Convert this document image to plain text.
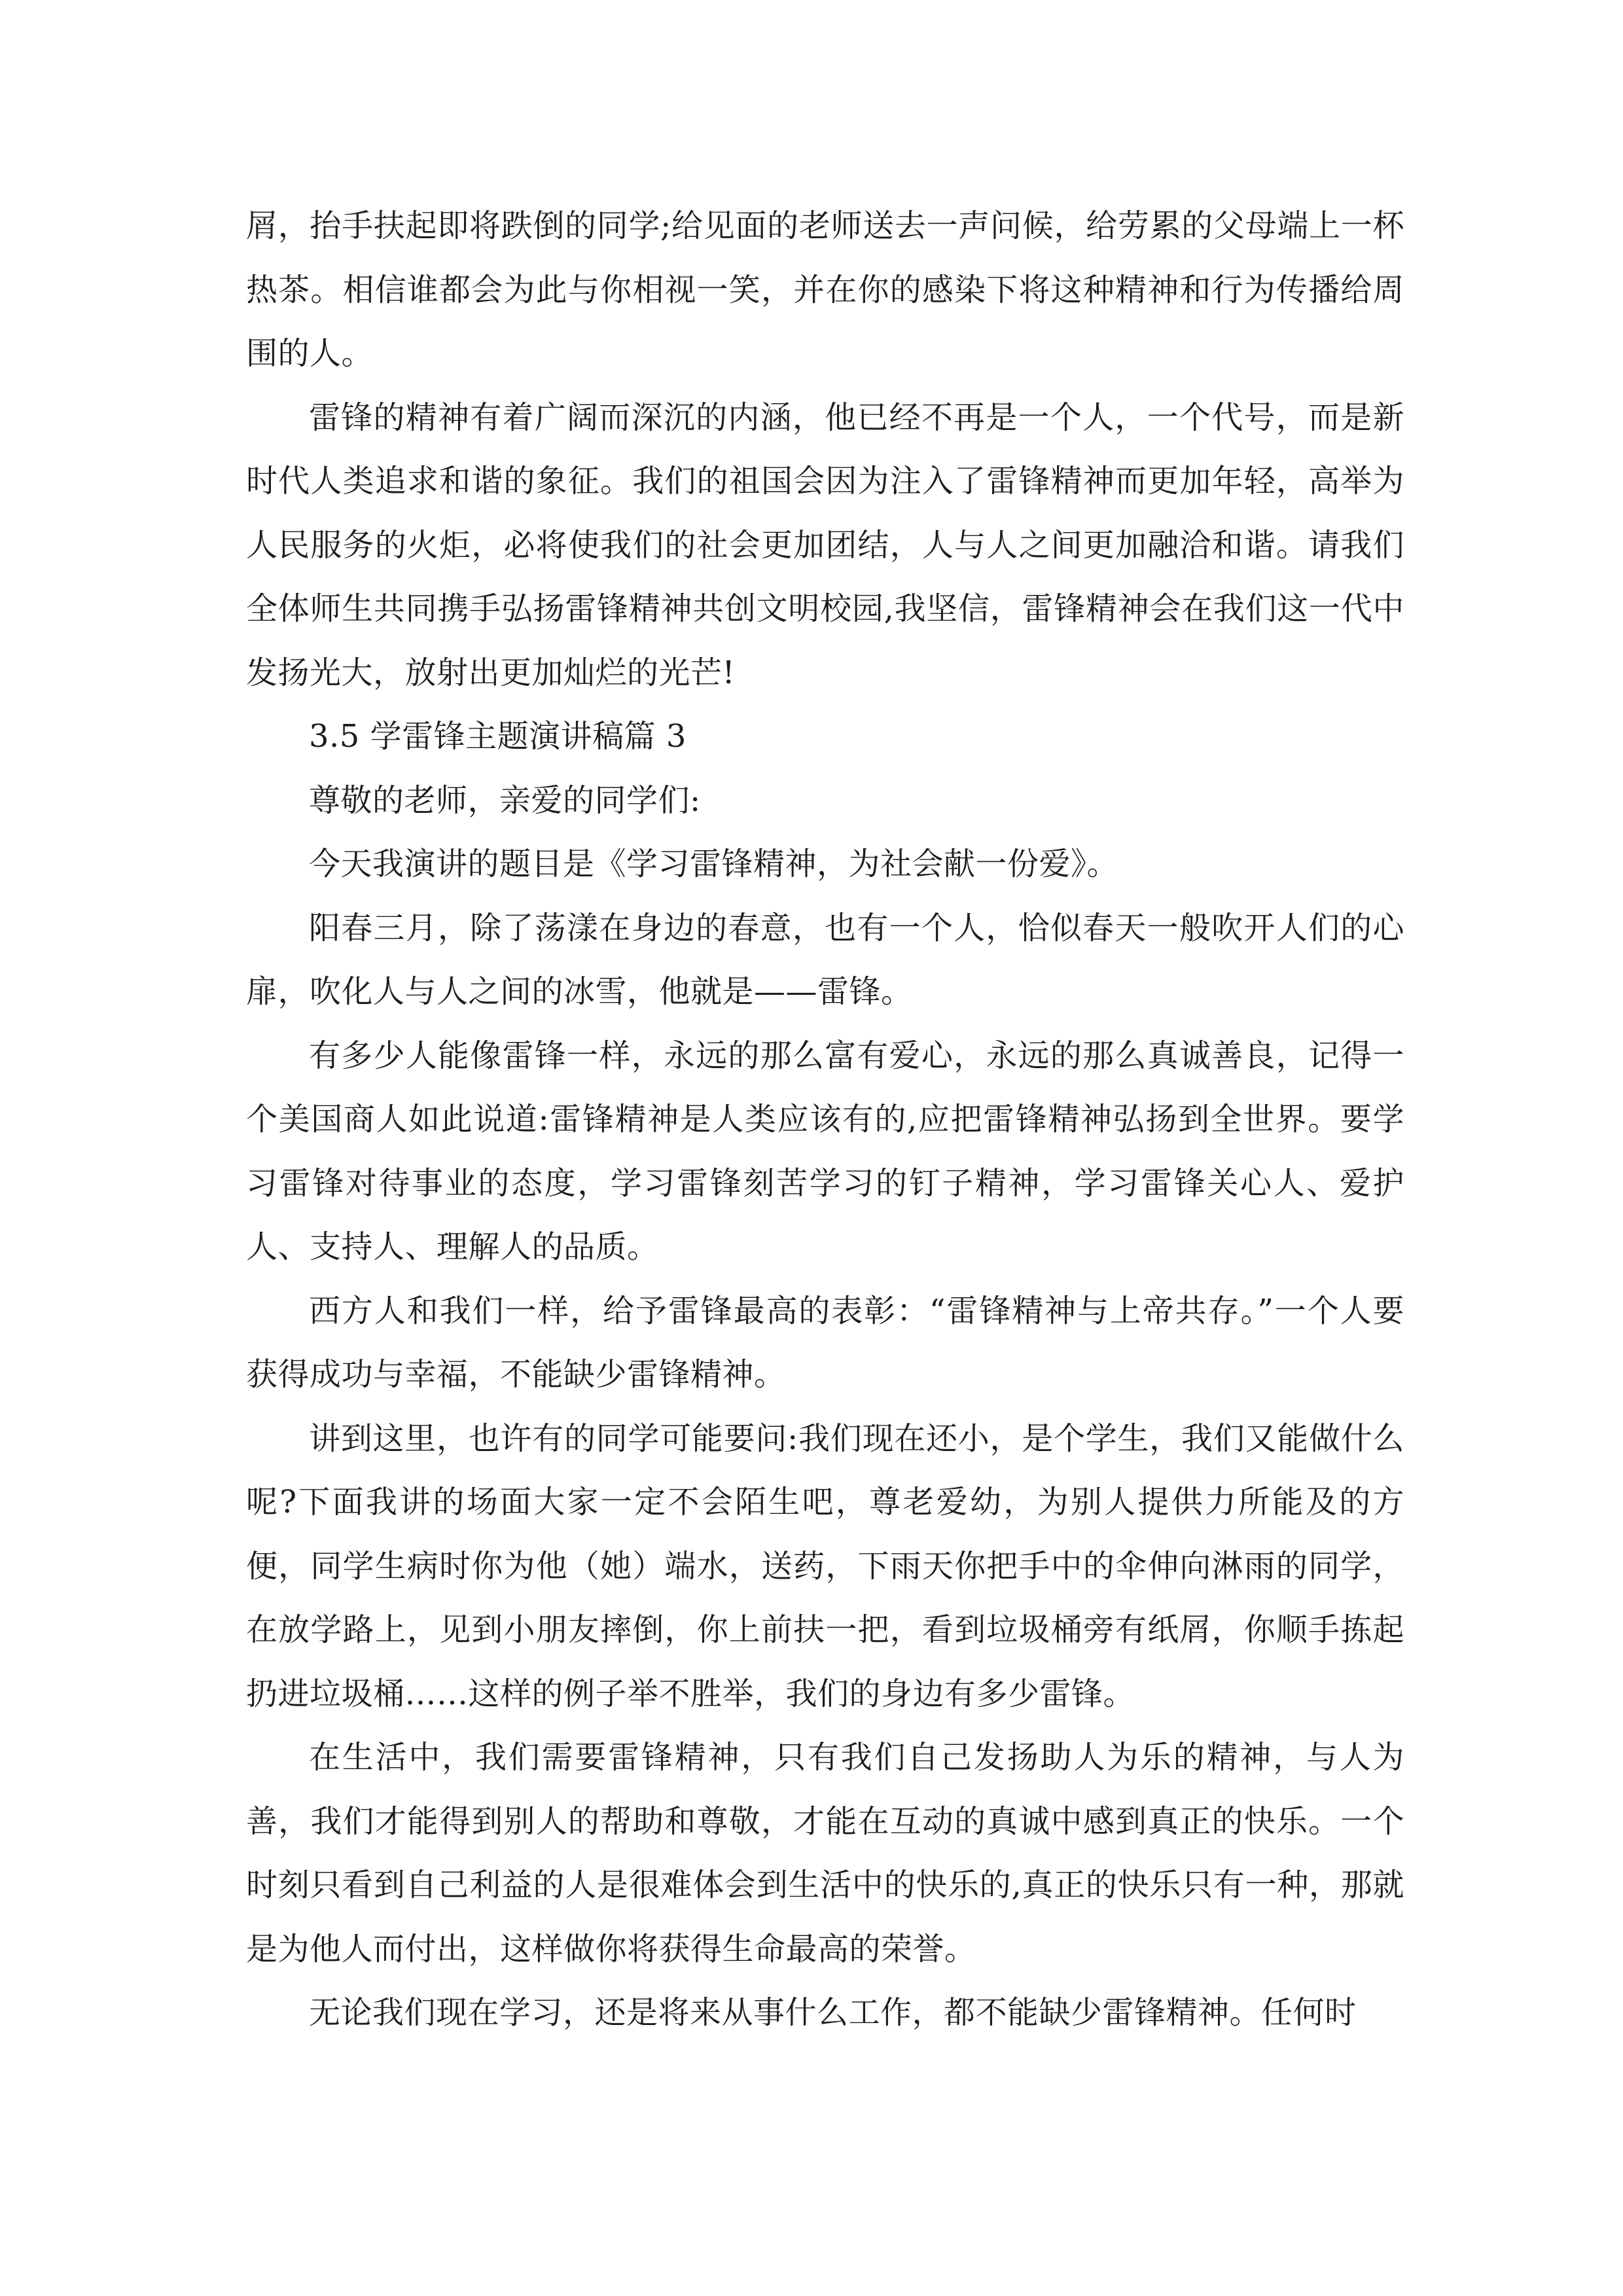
屑，抬手扶起即将跌倒的同学;给见面的老师送去一声问候，给劳累的父母端上一杯热茶。相信谁都会为此与你相视一笑，并在你的感染下将这种精神和行为传播给周围的人。

雷锋的精神有着广阔而深沉的内涵，他已经不再是一个人，一个代号，而是新时代人类追求和谐的象征。我们的祖国会因为注入了雷锋精神而更加年轻，高举为人民服务的火炬，必将使我们的社会更加团结，人与人之间更加融洽和谐。请我们全体师生共同携手弘扬雷锋精神共创文明校园,我坚信，雷锋精神会在我们这一代中发扬光大，放射出更加灿烂的光芒!

3.5 学雷锋主题演讲稿篇 3

尊敬的老师，亲爱的同学们:

今天我演讲的题目是《学习雷锋精神，为社会献一份爱》。

阳春三月，除了荡漾在身边的春意，也有一个人，恰似春天一般吹开人们的心扉，吹化人与人之间的冰雪，他就是——雷锋。

有多少人能像雷锋一样，永远的那么富有爱心，永远的那么真诚善良，记得一个美国商人如此说道:雷锋精神是人类应该有的,应把雷锋精神弘扬到全世界。要学习雷锋对待事业的态度，学习雷锋刻苦学习的钉子精神，学习雷锋关心人、爱护人、支持人、理解人的品质。

西方人和我们一样，给予雷锋最高的表彰：“雷锋精神与上帝共存。”一个人要获得成功与幸福，不能缺少雷锋精神。

讲到这里，也许有的同学可能要问:我们现在还小，是个学生，我们又能做什么呢?下面我讲的场面大家一定不会陌生吧，尊老爱幼，为别人提供力所能及的方便，同学生病时你为他（她）端水，送药，下雨天你把手中的伞伸向淋雨的同学，在放学路上，见到小朋友摔倒，你上前扶一把，看到垃圾桶旁有纸屑，你顺手拣起扔进垃圾桶……这样的例子举不胜举，我们的身边有多少雷锋。

在生活中，我们需要雷锋精神，只有我们自己发扬助人为乐的精神，与人为善，我们才能得到别人的帮助和尊敬，才能在互动的真诚中感到真正的快乐。一个时刻只看到自己利益的人是很难体会到生活中的快乐的,真正的快乐只有一种，那就是为他人而付出，这样做你将获得生命最高的荣誉。

无论我们现在学习，还是将来从事什么工作，都不能缺少雷锋精神。任何时
